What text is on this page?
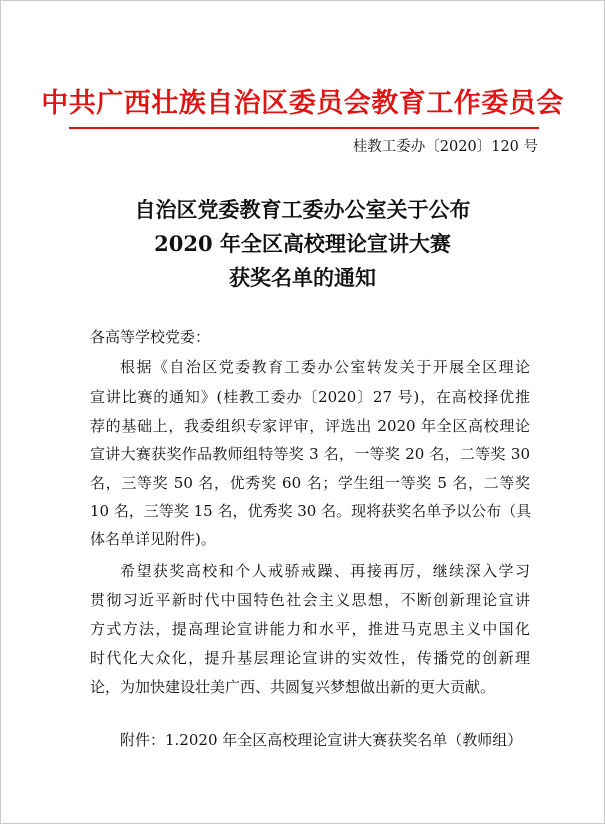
中共广西壮族自治区委员会教育工作委员会
桂教工委办〔2020〕120 号
自治区党委教育工委办公室关于公布
2020 年全区高校理论宣讲大赛
获奖名单的通知
各高等学校党委：
根据《自治区党委教育工委办公室转发关于开展全区理论
宣讲比赛的通知》(桂教工委办〔2020〕27 号)，在高校择优推
荐的基础上，我委组织专家评审，评选出 2020 年全区高校理论
宣讲大赛获奖作品教师组特等奖 3 名，一等奖 20 名，二等奖 30
名，三等奖 50 名，优秀奖 60 名；学生组一等奖 5 名，二等奖
10 名，三等奖 15 名，优秀奖 30 名。现将获奖名单予以公布（具
体名单详见附件)。
希望获奖高校和个人戒骄戒躁、再接再厉，继续深入学习
贯彻习近平新时代中国特色社会主义思想，不断创新理论宣讲
方式方法，提高理论宣讲能力和水平，推进马克思主义中国化
时代化大众化，提升基层理论宣讲的实效性，传播党的创新理
论，为加快建设壮美广西、共圆复兴梦想做出新的更大贡献。
附件：1.2020 年全区高校理论宣讲大赛获奖名单（教师组）
